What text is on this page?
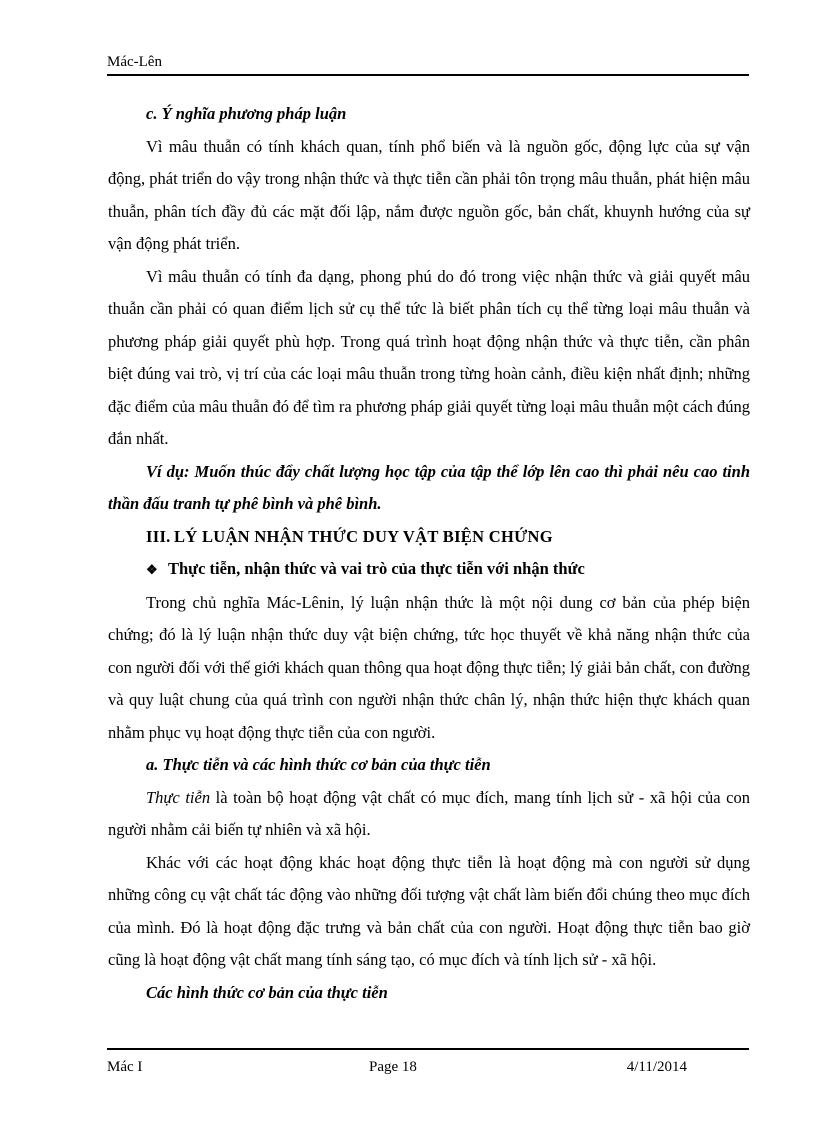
Mác-Lên

c. Ý nghĩa phương pháp luận

Vì mâu thuẫn có tính khách quan, tính phổ biến và là nguồn gốc, động lực của sự vận động, phát triển do vậy trong nhận thức và thực tiễn cần phải tôn trọng mâu thuẫn, phát hiện mâu thuẫn, phân tích đầy đủ các mặt đối lập, nắm được nguồn gốc, bản chất, khuynh hướng của sự vận động phát triển.

Vì mâu thuẫn có tính đa dạng, phong phú do đó trong việc nhận thức và giải quyết mâu thuẫn cần phải có quan điểm lịch sử cụ thể tức là biết phân tích cụ thể từng loại mâu thuẫn và phương pháp giải quyết phù hợp. Trong quá trình hoạt động nhận thức và thực tiễn, cần phân biệt đúng vai trò, vị trí của các loại mâu thuẫn trong từng hoàn cảnh, điều kiện nhất định; những đặc điểm của mâu thuẫn đó để tìm ra phương pháp giải quyết từng loại mâu thuẫn một cách đúng đắn nhất.

Ví dụ: Muốn thúc đẩy chất lượng học tập của tập thể lớp lên cao thì phải nêu cao tinh thần đấu tranh tự phê bình và phê bình.

III. LÝ LUẬN NHẬN THỨC DUY VẬT BIỆN CHỨNG

❖ Thực tiễn, nhận thức và vai trò của thực tiễn với nhận thức

Trong chủ nghĩa Mác-Lênin, lý luận nhận thức là một nội dung cơ bản của phép biện chứng; đó là lý luận nhận thức duy vật biện chứng, tức học thuyết về khả năng nhận thức của con người đối với thế giới khách quan thông qua hoạt động thực tiễn; lý giải bản chất, con đường và quy luật chung của quá trình con người nhận thức chân lý, nhận thức hiện thực khách quan nhằm phục vụ hoạt động thực tiễn của con người.

a. Thực tiễn và các hình thức cơ bản của thực tiễn

Thực tiễn là toàn bộ hoạt động vật chất có mục đích, mang tính lịch sử - xã hội của con người nhằm cải biến tự nhiên và xã hội.

Khác với các hoạt động khác hoạt động thực tiễn là hoạt động mà con người sử dụng những công cụ vật chất tác động vào những đối tượng vật chất làm biến đổi chúng theo mục đích của mình. Đó là hoạt động đặc trưng và bản chất của con người. Hoạt động thực tiễn bao giờ cũng là hoạt động vật chất mang tính sáng tạo, có mục đích và tính lịch sử - xã hội.

Các hình thức cơ bản của thực tiễn

Mác I	Page 18	4/11/2014
